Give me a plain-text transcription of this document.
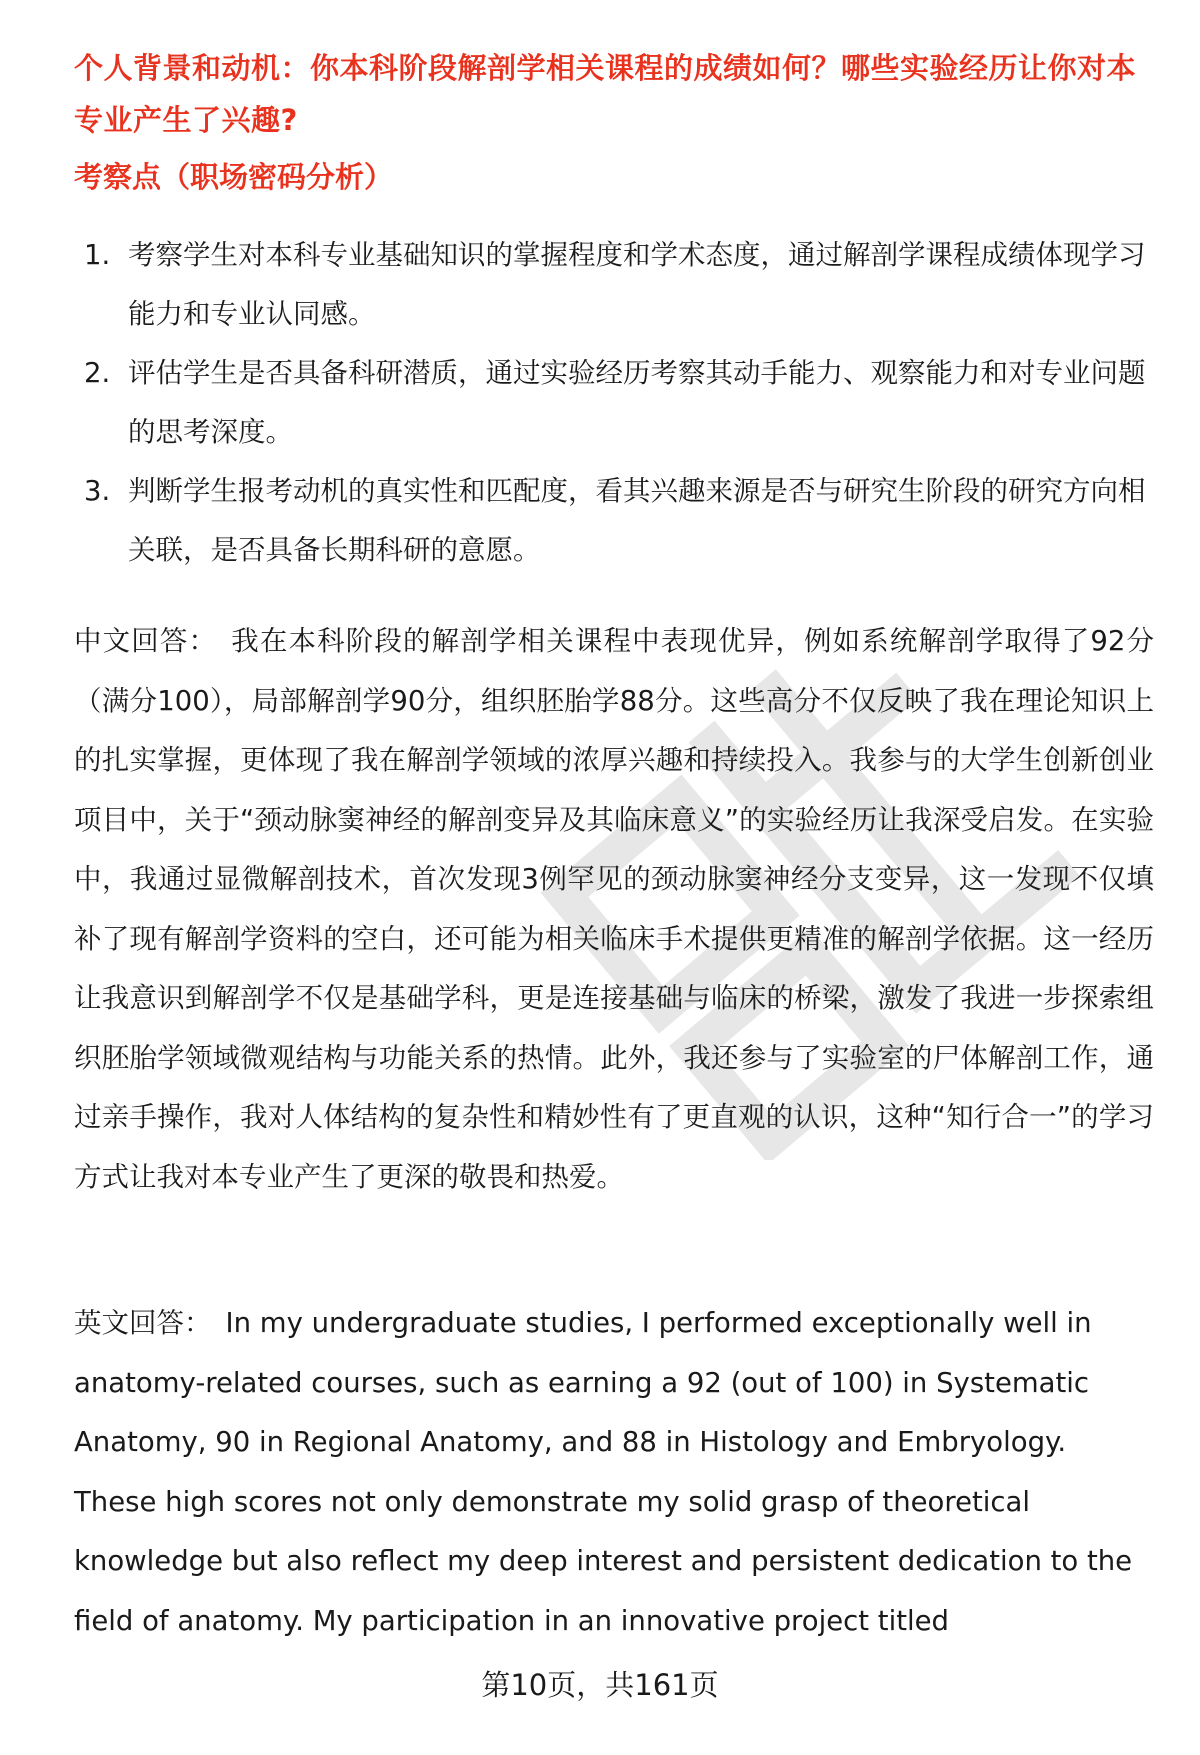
个人背景和动机：你本科阶段解剖学相关课程的成绩如何？哪些实验经历让你对本专业产生了兴趣?
考察点（职场密码分析）
1. 考察学生对本科专业基础知识的掌握程度和学术态度，通过解剖学课程成绩体现学习能力和专业认同感。
2. 评估学生是否具备科研潜质，通过实验经历考察其动手能力、观察能力和对专业问题的思考深度。
3. 判断学生报考动机的真实性和匹配度，看其兴趣来源是否与研究生阶段的研究方向相关联，是否具备长期科研的意愿。

中文回答： 我在本科阶段的解剖学相关课程中表现优异，例如系统解剖学取得了92分（满分100），局部解剖学90分，组织胚胎学88分。这些高分不仅反映了我在理论知识上的扎实掌握，更体现了我在解剖学领域的浓厚兴趣和持续投入。我参与的大学生创新创业项目中，关于“颈动脉窦神经的解剖变异及其临床意义”的实验经历让我深受启发。在实验中，我通过显微解剖技术，首次发现3例罕见的颈动脉窦神经分支变异，这一发现不仅填补了现有解剖学资料的空白，还可能为相关临床手术提供更精准的解剖学依据。这一经历让我意识到解剖学不仅是基础学科，更是连接基础与临床的桥梁，激发了我进一步探索组织胚胎学领域微观结构与功能关系的热情。此外，我还参与了实验室的尸体解剖工作，通过亲手操作，我对人体结构的复杂性和精妙性有了更直观的认识，这种“知行合一”的学习方式让我对本专业产生了更深的敬畏和热爱。

英文回答： In my undergraduate studies, I performed exceptionally well in anatomy-related courses, such as earning a 92 (out of 100) in Systematic Anatomy, 90 in Regional Anatomy, and 88 in Histology and Embryology. These high scores not only demonstrate my solid grasp of theoretical knowledge but also reflect my deep interest and persistent dedication to the field of anatomy. My participation in an innovative project titled

第10页，共161页
